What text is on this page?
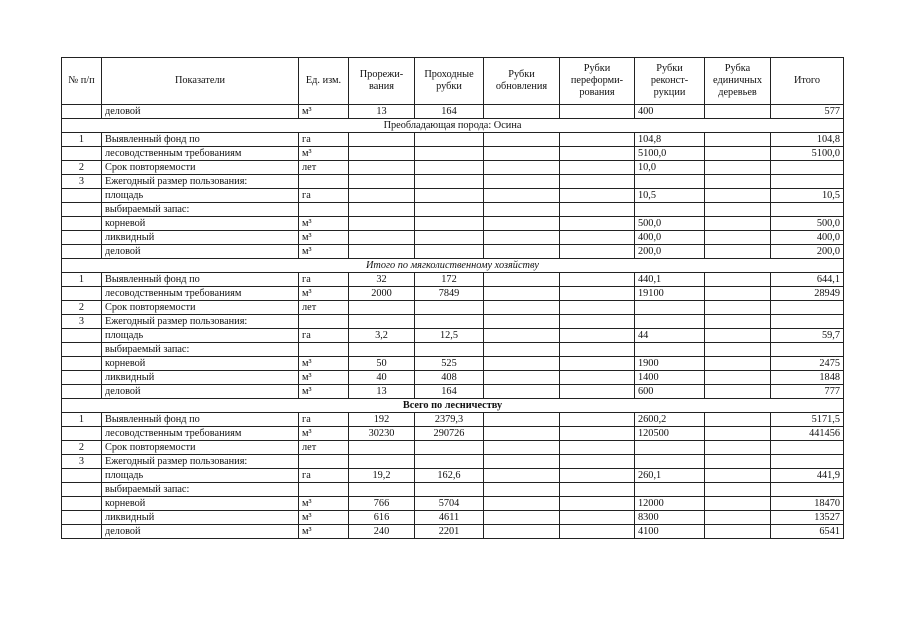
№ п/п	Показатели	Ед. изм.	Прорежи-вания	Проходные рубки	Рубки обновления	Рубки переформи-рования	Рубки реконст-рукции	Рубка единичных деревьев	Итого
	деловой	м³	13	164			400		577
Преобладающая порода: Осина									
1	Выявленный фонд по	га					104,8		104,8
	лесоводственным требованиям	м³					5100,0		5100,0
2	Срок повторяемости	лет					10,0		
3	Ежегодный размер пользования:								
	площадь	га					10,5		10,5
	выбираемый запас:								
	корневой	м³					500,0		500,0
	ликвидный	м³					400,0		400,0
	деловой	м³					200,0		200,0
Итого по мягколиственному хозяйству									
1	Выявленный фонд по	га	32	172			440,1		644,1
	лесоводственным требованиям	м³	2000	7849			19100		28949
2	Срок повторяемости	лет							
3	Ежегодный размер пользования:								
	площадь	га	3,2	12,5			44		59,7
	выбираемый запас:								
	корневой	м³	50	525			1900		2475
	ликвидный	м³	40	408			1400		1848
	деловой	м³	13	164			600		777
Всего по лесничеству									
1	Выявленный фонд по	га	192	2379,3			2600,2		5171,5
	лесоводственным требованиям	м³	30230	290726			120500		441456
2	Срок повторяемости	лет							
3	Ежегодный размер пользования:								
	площадь	га	19,2	162,6			260,1		441,9
	выбираемый запас:								
	корневой	м³	766	5704			12000		18470
	ликвидный	м³	616	4611			8300		13527
	деловой	м³	240	2201			4100		6541
